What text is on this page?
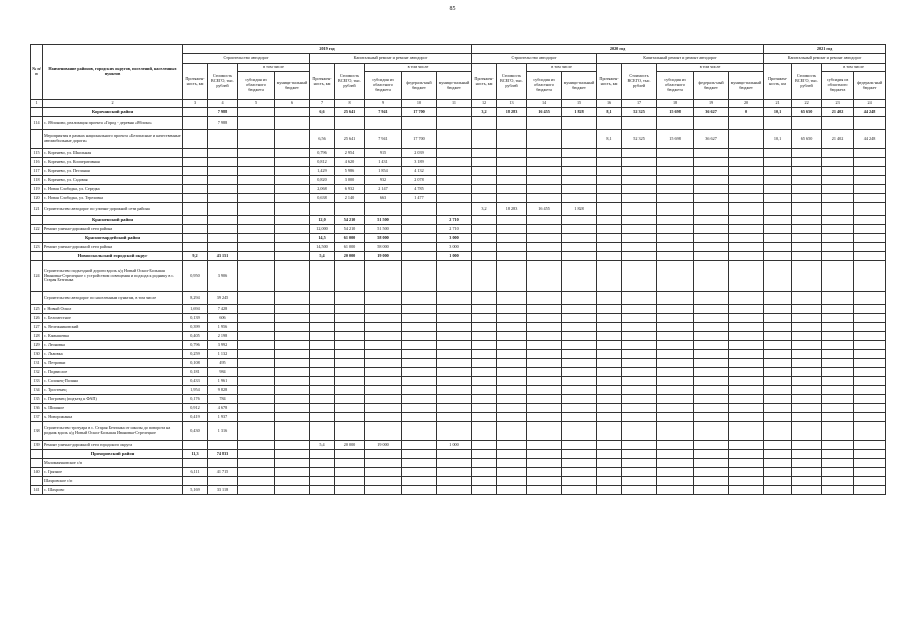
85
№ п/п	Наименование районов, городских округов, поселений, населенных пунктов	2019 год									2020 год									2021 год			
		Строительство автодорог				Капитальный ремонт и ремонт автодорог					Строительство автодорог				Капитальный ремонт и ремонт автодорог					Капитальный ремонт и ремонт автодорог			
		Протяжен-ность, км	Стоимость ВСЕГО, тыс. рублей	в том числе		Протяжен-ность, км	Стоимость ВСЕГО, тыс. рублей	в том числе			Протяжен-ность, км	Стоимость ВСЕГО, тыс. рублей	в том числе		Протяжен-ность, км	Стоимость ВСЕГО, тыс. рублей	в том числе			Протяжен-ность, км	Стоимость ВСЕГО, тыс. рублей	в том числе	
				субсидия из областного бюджета	муници-пальный бюджет			субсидия из областного бюджета	федераль-ный бюджет	муници-пальный бюджет			субсидия из областного бюджета	муници-пальный бюджет			субсидия из областного бюджета	федераль-ный бюджет	муници-пальный бюджет			субсидия из областного бюджета	федераль-ный бюджет
1	2	3	4	5	6	7	8	9	10	11	12	13	14	15	16	17	18	19	20	21	22	23	24
	Корочанский район		7 988			6,6	25 641	7 941	17 700		3,2	18 283	16 455	1 828	8,1	52 325	15 698	36 627	0	10,1	65 650	21 402	44 248
114	с. Яблоново, реализация проекта «Город - деревня «Яблоко»		7 988																				
	Мероприятия в рамках национального проекта «Безопасные и качественные автомобильные дороги»					6,56	25 641	7 941	17 700						8,1	52 325	15 698	36 627		10,1	65 650	21 402	44 248
115	с. Коренево, ул. Школьная					0,796	2 954	915	2 039														
116	с. Коренево, ул. Кооперативная					0,812	4 620	1 431	3 189														
117	с. Коренево, ул. Песчаная					1,429	5 986	1 854	4 132														
118	с. Коренево, ул. Садовая					0,820	3 000	932	2 078														
119	с. Новая Слободка, ул. Середка					2,068	6 932	2 147	4 785														
120	с. Новая Слободка, ул. Тереховка					0,638	2 140	663	1 477														
121	Строительство автодорог по улично-дорожной сети района										3,2	18 283	16 455	1 828									
	Красненский район					12,0	54 210	51 500		2 710													
122	Ремонт улично-дорожной сети района					12,000	54 210	51 500		2 710													
	Красногвардейский район					14,5	61 000	58 000		3 000													
123	Ремонт улично-дорожной сети района					14,500	61 000	58 000		3 000													
	Новооскольский городской округ	9,2	43 151			5,4	20 000	19 000		1 000													
124	Строительство подъездной дороги вдоль а/д Новый Оскол-Большая Ивановка-Стрелецкое с устройством освещения и подхода к роднику в с. Старая Безгинка	0,950	3 906																				
	Строительство автодорог по населенным пунктам, в том числе	8,294	39 245																				
125	г. Новый Оскол	1,694	7 428																				
126	с. Беломестное	0,139	606																				
127	х. Вележниковский	0,399	1 956																				
128	с. Камышевка	0,405	2 198																				
129	с. Леоновка	0,796	3 992																				
130	с. Львовка	0,259	1 132																				
131	х. Петровки	0,108	495																				
132	с. Подвислое	0,181	984																				
133	с. Солонец-Поляна	0,433	1 961																				
134	с. Тростенец	1,954	9 828																				
135	с. Погромец (подъезд к ФАП)	0,176	784																				
136	х. Шишное	0,912	4 678																				
137	х. Новорожанка	0,419	1 937																				
138	Строительство тротуара в с. Старая Безгинка от школы до поворота на родник вдоль а/д Новый Оскол-Большая Ивановка-Стрелецкое	0,430	1 316																				
139	Ремонт улично-дорожной сети городского округа					5,4	20 000	19 000		1 000													
	Прохоровский район	11,3	74 833																				
	Маломаячковское с/п																						
140	с. Грязное	6,111	41 715																				
	Шахровское с/п																						
141	с. Шахрово	5,169	33 118																				
